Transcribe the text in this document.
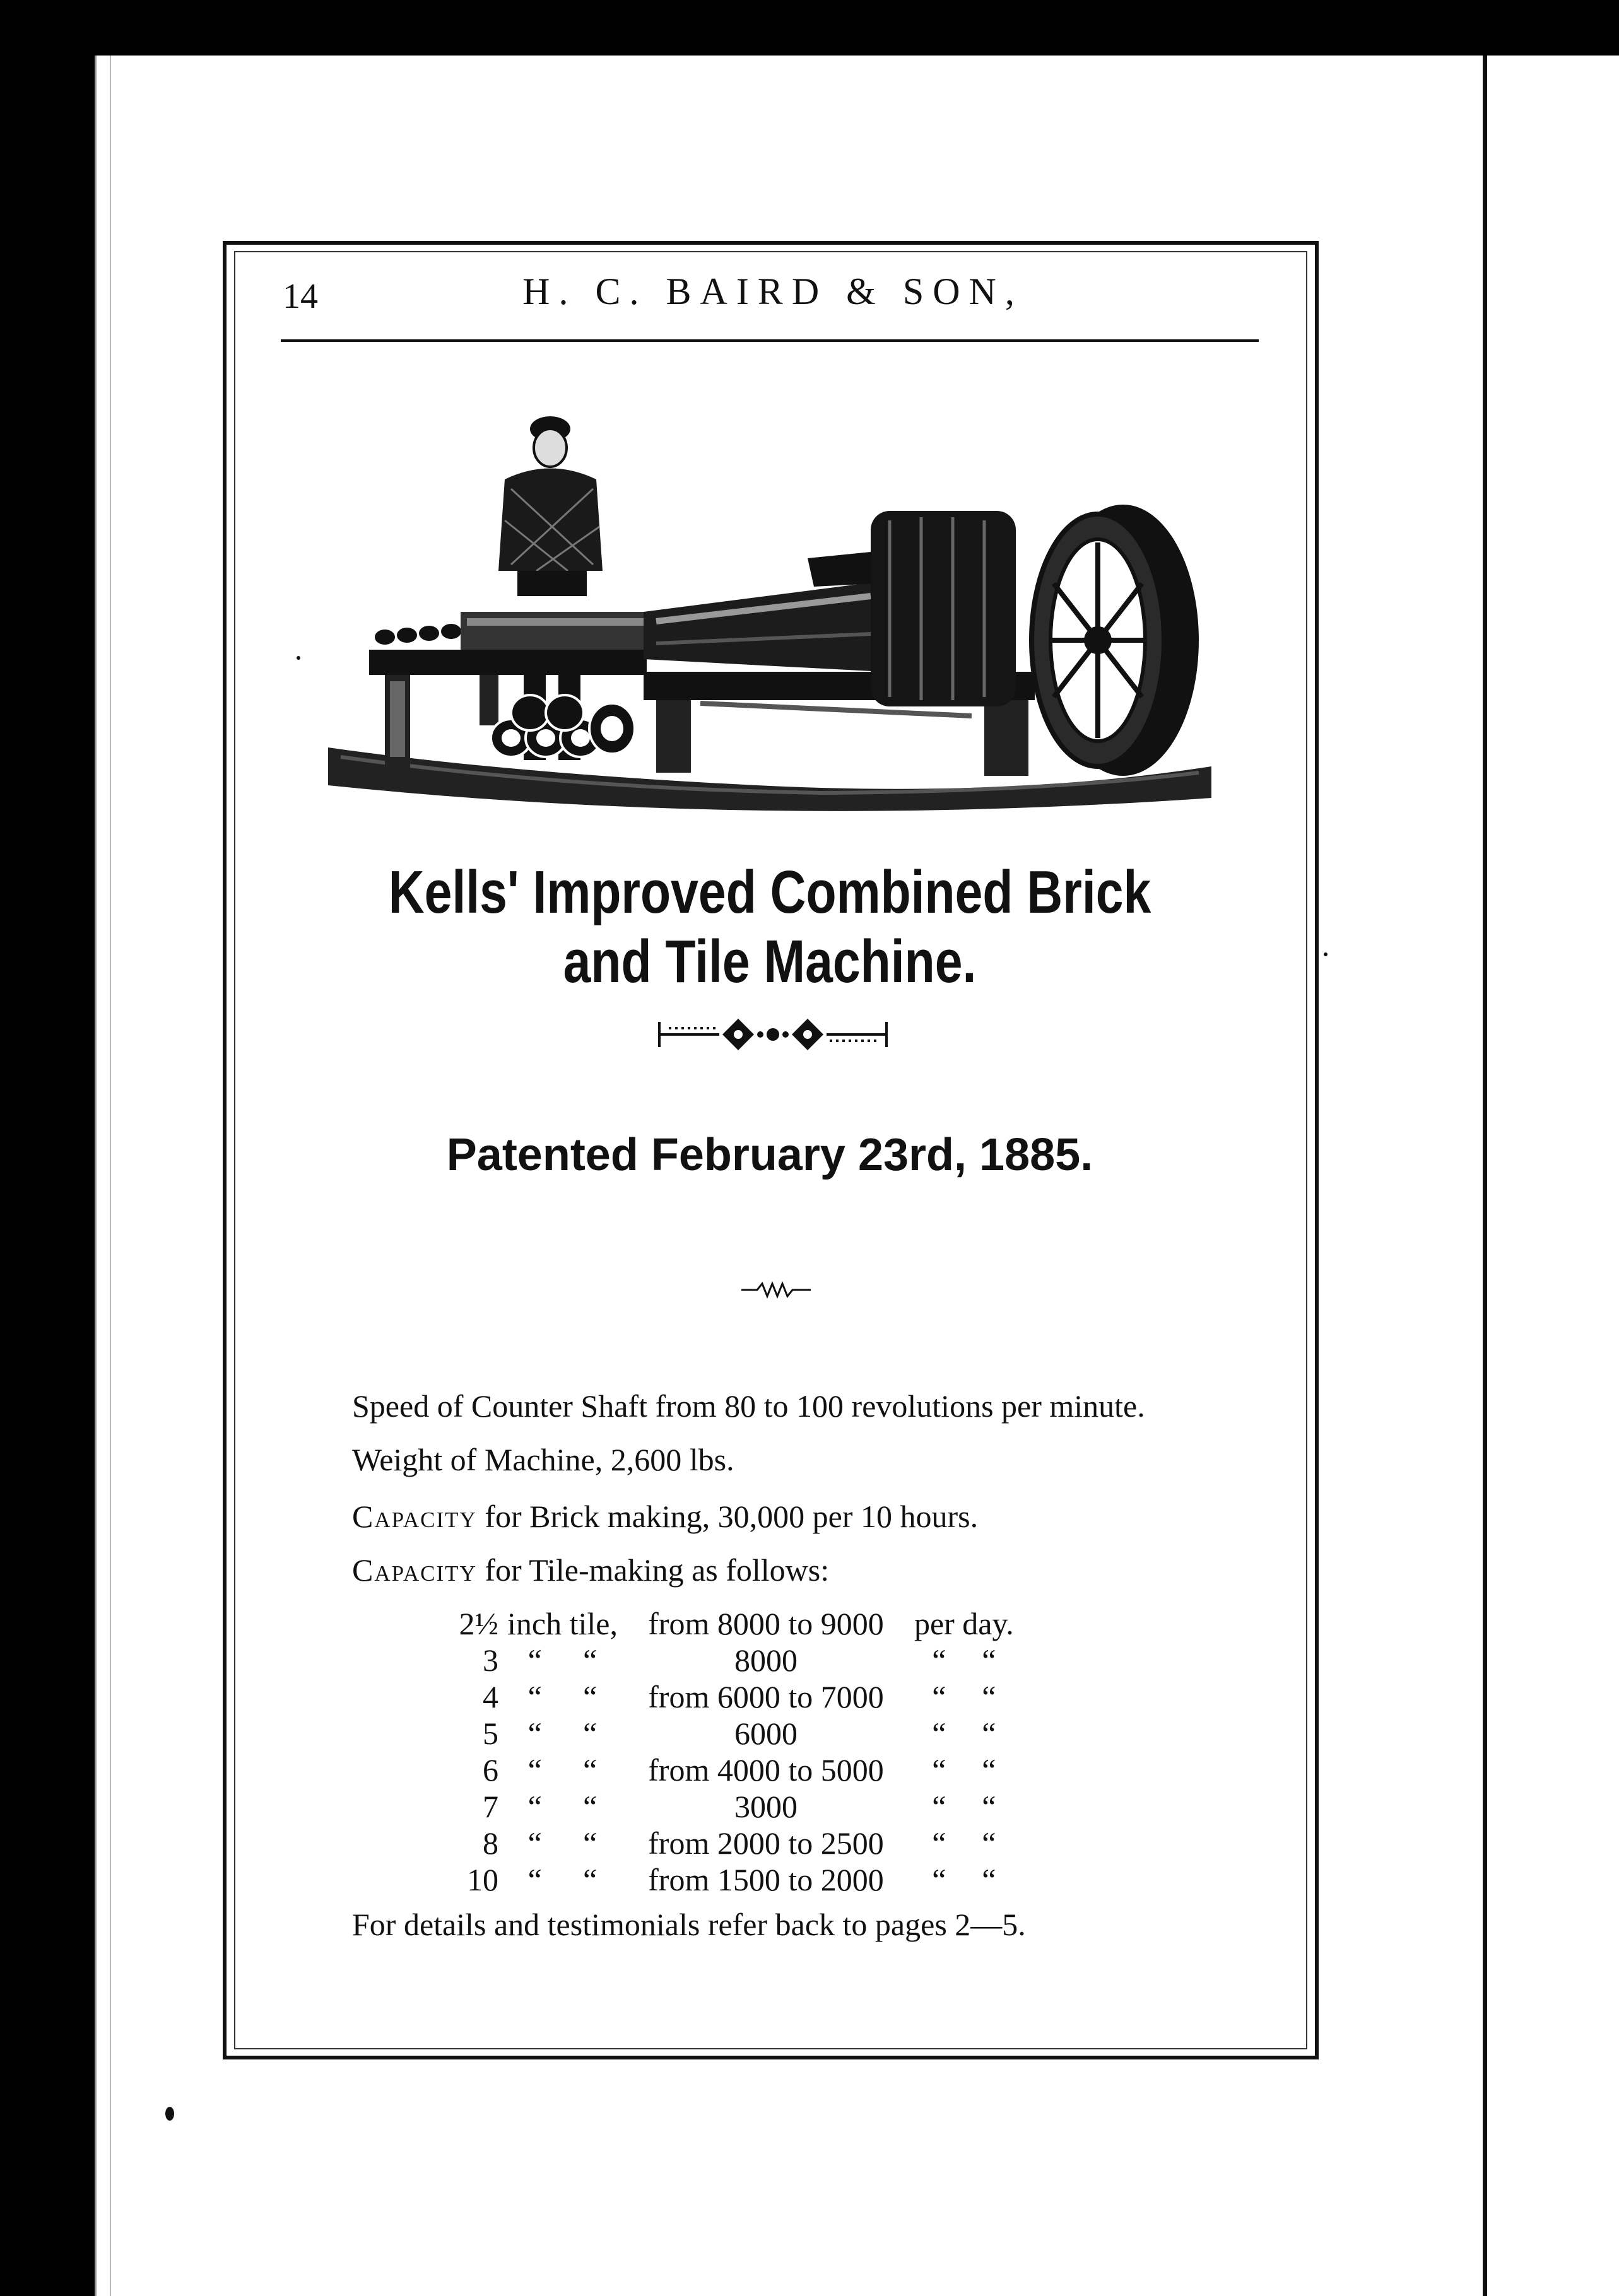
14	H. C. BAIRD & SON,
Kells' Improved Combined Brick and Tile Machine.
Patented February 23rd, 1885.
Speed of Counter Shaft from 80 to 100 revolutions per minute.
Weight of Machine, 2,600 lbs.
Capacity for Brick making, 30,000 per 10 hours.
Capacity for Tile-making as follows:
2½	inch tile,		from 8000 to 9000	per day.	
3	“	“	8000	“	“
4	“	“	from 6000 to 7000	“	“
5	“	“	6000	“	“
6	“	“	from 4000 to 5000	“	“
7	“	“	3000	“	“
8	“	“	from 2000 to 2500	“	“
10	“	“	from 1500 to 2000	“	“
For details and testimonials refer back to pages 2—5.
